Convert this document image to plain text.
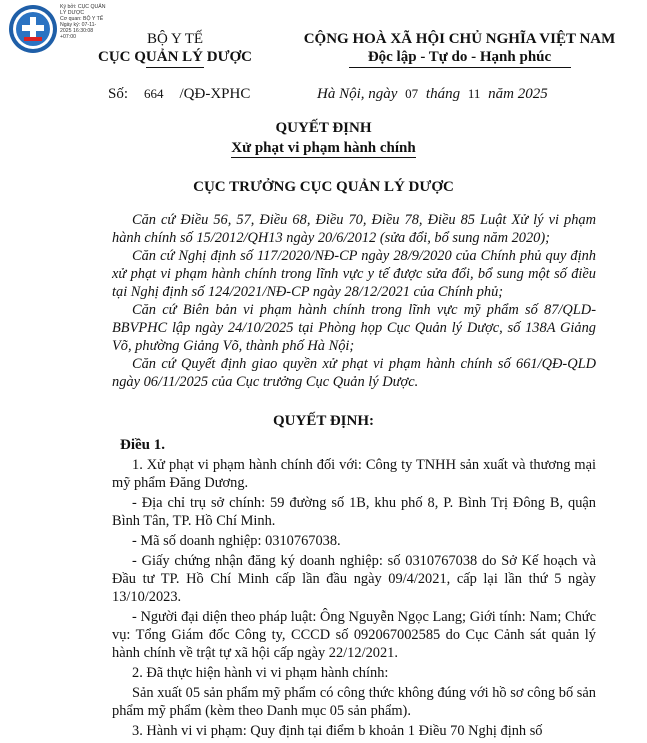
Ký bởi: CỤC QUẢN
LÝ DƯỢC
Cơ quan: BỘ Y TẾ
Ngày ký: 07-11-
2025 16:30:08
+07:00	BỘ Y TẾ
CỤC QUẢN LÝ DƯỢC
CỘNG HOÀ XÃ HỘI CHỦ NGHĨA VIỆT NAM
Độc lập - Tự do - Hạnh phúc
Số: 664 /QĐ-XPHC	Hà Nội, ngày 07 tháng 11 năm 2025
QUYẾT ĐỊNH
Xử phạt vi phạm hành chính
CỤC TRƯỞNG CỤC QUẢN LÝ DƯỢC

Căn cứ Điều 56, 57, Điều 68, Điều 70, Điều 78, Điều 85 Luật Xử lý vi phạm hành chính số 15/2012/QH13 ngày 20/6/2012 (sửa đổi, bổ sung năm 2020);

Căn cứ Nghị định số 117/2020/NĐ-CP ngày 28/9/2020 của Chính phủ quy định xử phạt vi phạm hành chính trong lĩnh vực y tế được sửa đổi, bổ sung một số điều tại Nghị định số 124/2021/NĐ-CP ngày 28/12/2021 của Chính phủ;

Căn cứ Biên bản vi phạm hành chính trong lĩnh vực mỹ phẩm số 87/QLD-BBVPHC lập ngày 24/10/2025 tại Phòng họp Cục Quản lý Dược, số 138A Giảng Võ, phường Giảng Võ, thành phố Hà Nội;

Căn cứ Quyết định giao quyền xử phạt vi phạm hành chính số 661/QĐ-QLD ngày 06/11/2025 của Cục trưởng Cục Quản lý Dược.

QUYẾT ĐỊNH:

Điều 1.

1. Xử phạt vi phạm hành chính đối với: Công ty TNHH sản xuất và thương mại mỹ phẩm Đăng Dương.

- Địa chỉ trụ sở chính: 59 đường số 1B, khu phố 8, P. Bình Trị Đông B, quận Bình Tân, TP. Hồ Chí Minh.

- Mã số doanh nghiệp: 0310767038.

- Giấy chứng nhận đăng ký doanh nghiệp: số 0310767038 do Sở Kế hoạch và Đầu tư TP. Hồ Chí Minh cấp lần đầu ngày 09/4/2021, cấp lại lần thứ 5 ngày 13/10/2023.

- Người đại diện theo pháp luật: Ông Nguyễn Ngọc Lang; Giới tính: Nam; Chức vụ: Tổng Giám đốc Công ty, CCCD số 092067002585 do Cục Cảnh sát quản lý hành chính về trật tự xã hội cấp ngày 22/12/2021.

2. Đã thực hiện hành vi vi phạm hành chính:

Sản xuất 05 sản phẩm mỹ phẩm có công thức không đúng với hồ sơ công bố sản phẩm mỹ phẩm (kèm theo Danh mục 05 sản phẩm).

3. Hành vi vi phạm: Quy định tại điểm b khoản 1 Điều 70 Nghị định số
